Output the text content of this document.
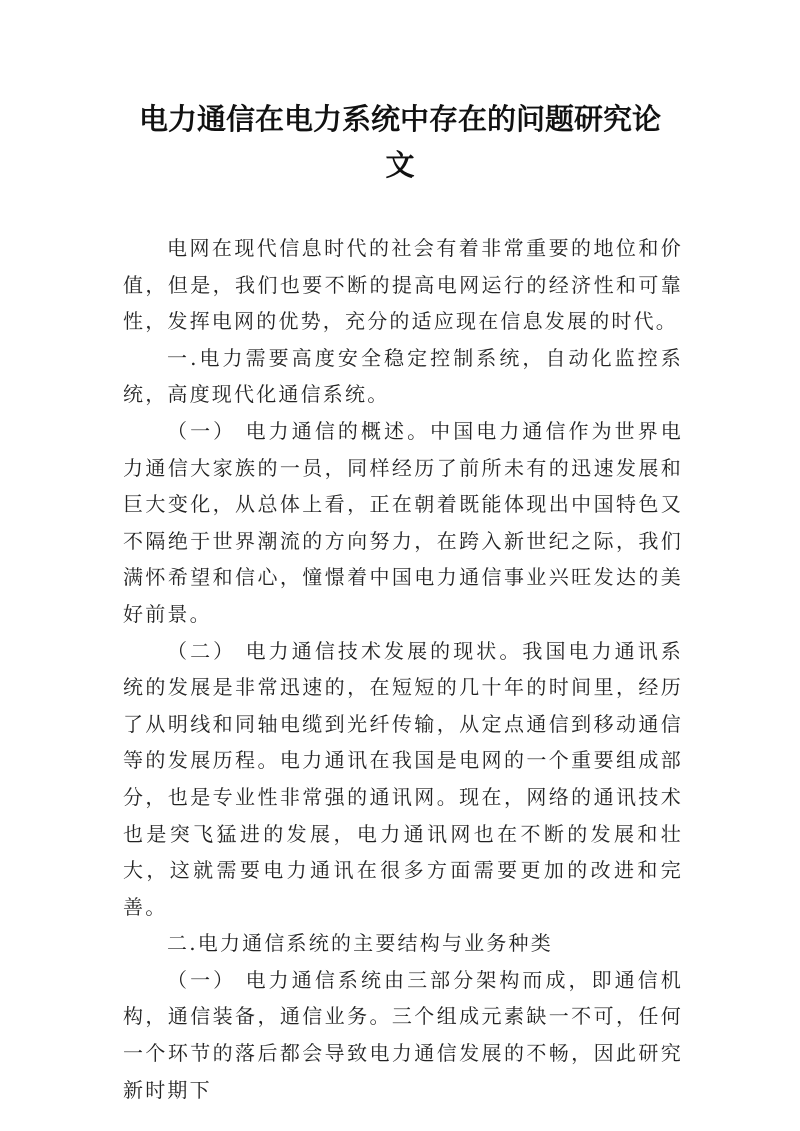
电力通信在电力系统中存在的问题研究论
文

电网在现代信息时代的社会有着非常重要的地位和价值，但是，我们也要不断的提高电网运行的经济性和可靠性，发挥电网的优势，充分的适应现在信息发展的时代。

一.电力需要高度安全稳定控制系统，自动化监控系统，高度现代化通信系统。

（一） 电力通信的概述。中国电力通信作为世界电力通信大家族的一员，同样经历了前所未有的迅速发展和巨大变化，从总体上看，正在朝着既能体现出中国特色又不隔绝于世界潮流的方向努力，在跨入新世纪之际，我们满怀希望和信心，憧憬着中国电力通信事业兴旺发达的美好前景。

（二） 电力通信技术发展的现状。我国电力通讯系统的发展是非常迅速的，在短短的几十年的时间里，经历了从明线和同轴电缆到光纤传输，从定点通信到移动通信等的发展历程。电力通讯在我国是电网的一个重要组成部分，也是专业性非常强的通讯网。现在，网络的通讯技术也是突飞猛进的发展，电力通讯网也在不断的发展和壮大，这就需要电力通讯在很多方面需要更加的改进和完善。

二.电力通信系统的主要结构与业务种类

（一） 电力通信系统由三部分架构而成，即通信机构，通信装备，通信业务。三个组成元素缺一不可，任何一个环节的落后都会导致电力通信发展的不畅，因此研究新时期下
